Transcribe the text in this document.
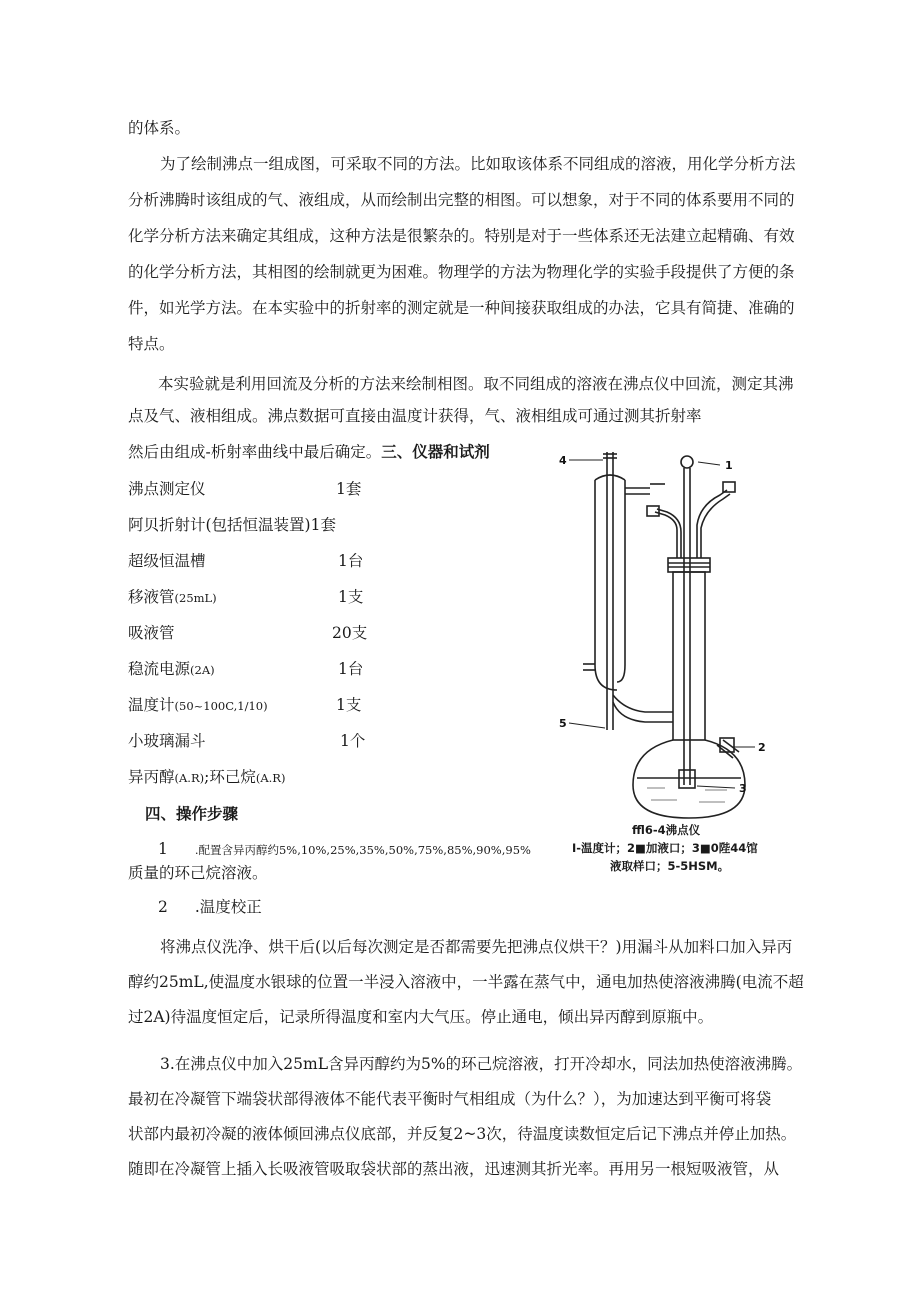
的体系。
为了绘制沸点一组成图，可采取不同的方法。比如取该体系不同组成的溶液，用化学分析方法
分析沸腾时该组成的气、液组成，从而绘制出完整的相图。可以想象，对于不同的体系要用不同的
化学分析方法来确定其组成，这种方法是很繁杂的。特别是对于一些体系还无法建立起精确、有效
的化学分析方法，其相图的绘制就更为困难。物理学的方法为物理化学的实验手段提供了方便的条
件，如光学方法。在本实验中的折射率的测定就是一种间接获取组成的办法，它具有简捷、准确的
特点。
本实验就是利用回流及分析的方法来绘制相图。取不同组成的溶液在沸点仪中回流，测定其沸
点及气、液相组成。沸点数据可直接由温度计获得，气、液相组成可通过测其折射率
然后由组成-析射率曲线中最后确定。三、仪器和试剂
沸点测定仪	1套
阿贝折射计(包括恒温装置)1套
超级恒温槽	1台
移液管(25mL)	1支
吸液管	20支
稳流电源(2A)	1台
温度计(50~100C,1/10)	1支
小玻璃漏斗	1个
异丙醇(A.R);环己烷(A.R)
四、操作步骤
1 .配置含异丙醇约5%,10%,25%,35%,50%,75%,85%,90%,95%
质量的环己烷溶液。
2 .温度校正
将沸点仪洗净、烘干后(以后每次测定是否都需要先把沸点仪烘干？)用漏斗从加料口加入异丙
醇约25mL,使温度水银球的位置一半浸入溶液中，一半露在蒸气中，通电加热使溶液沸腾(电流不超
过2A)待温度恒定后，记录所得温度和室内大气压。停止通电，倾出异丙醇到原瓶中。
3.在沸点仪中加入25mL含异丙醇约为5%的环己烷溶液，打开冷却水，同法加热使溶液沸腾。
最初在冷凝管下端袋状部得液体不能代表平衡时气相组成（为什么？），为加速达到平衡可将袋
状部内最初冷凝的液体倾回沸点仪底部，并反复2~3次，待温度读数恒定后记下沸点并停止加热。
随即在冷凝管上插入长吸液管吸取袋状部的蒸出液，迅速测其折光率。再用另一根短吸液管，从
1
2
3
4
5
ffl6-4沸点仪
I-温度计；2■加液口；3■0陛44馆
液取样口；5-5HSM。
